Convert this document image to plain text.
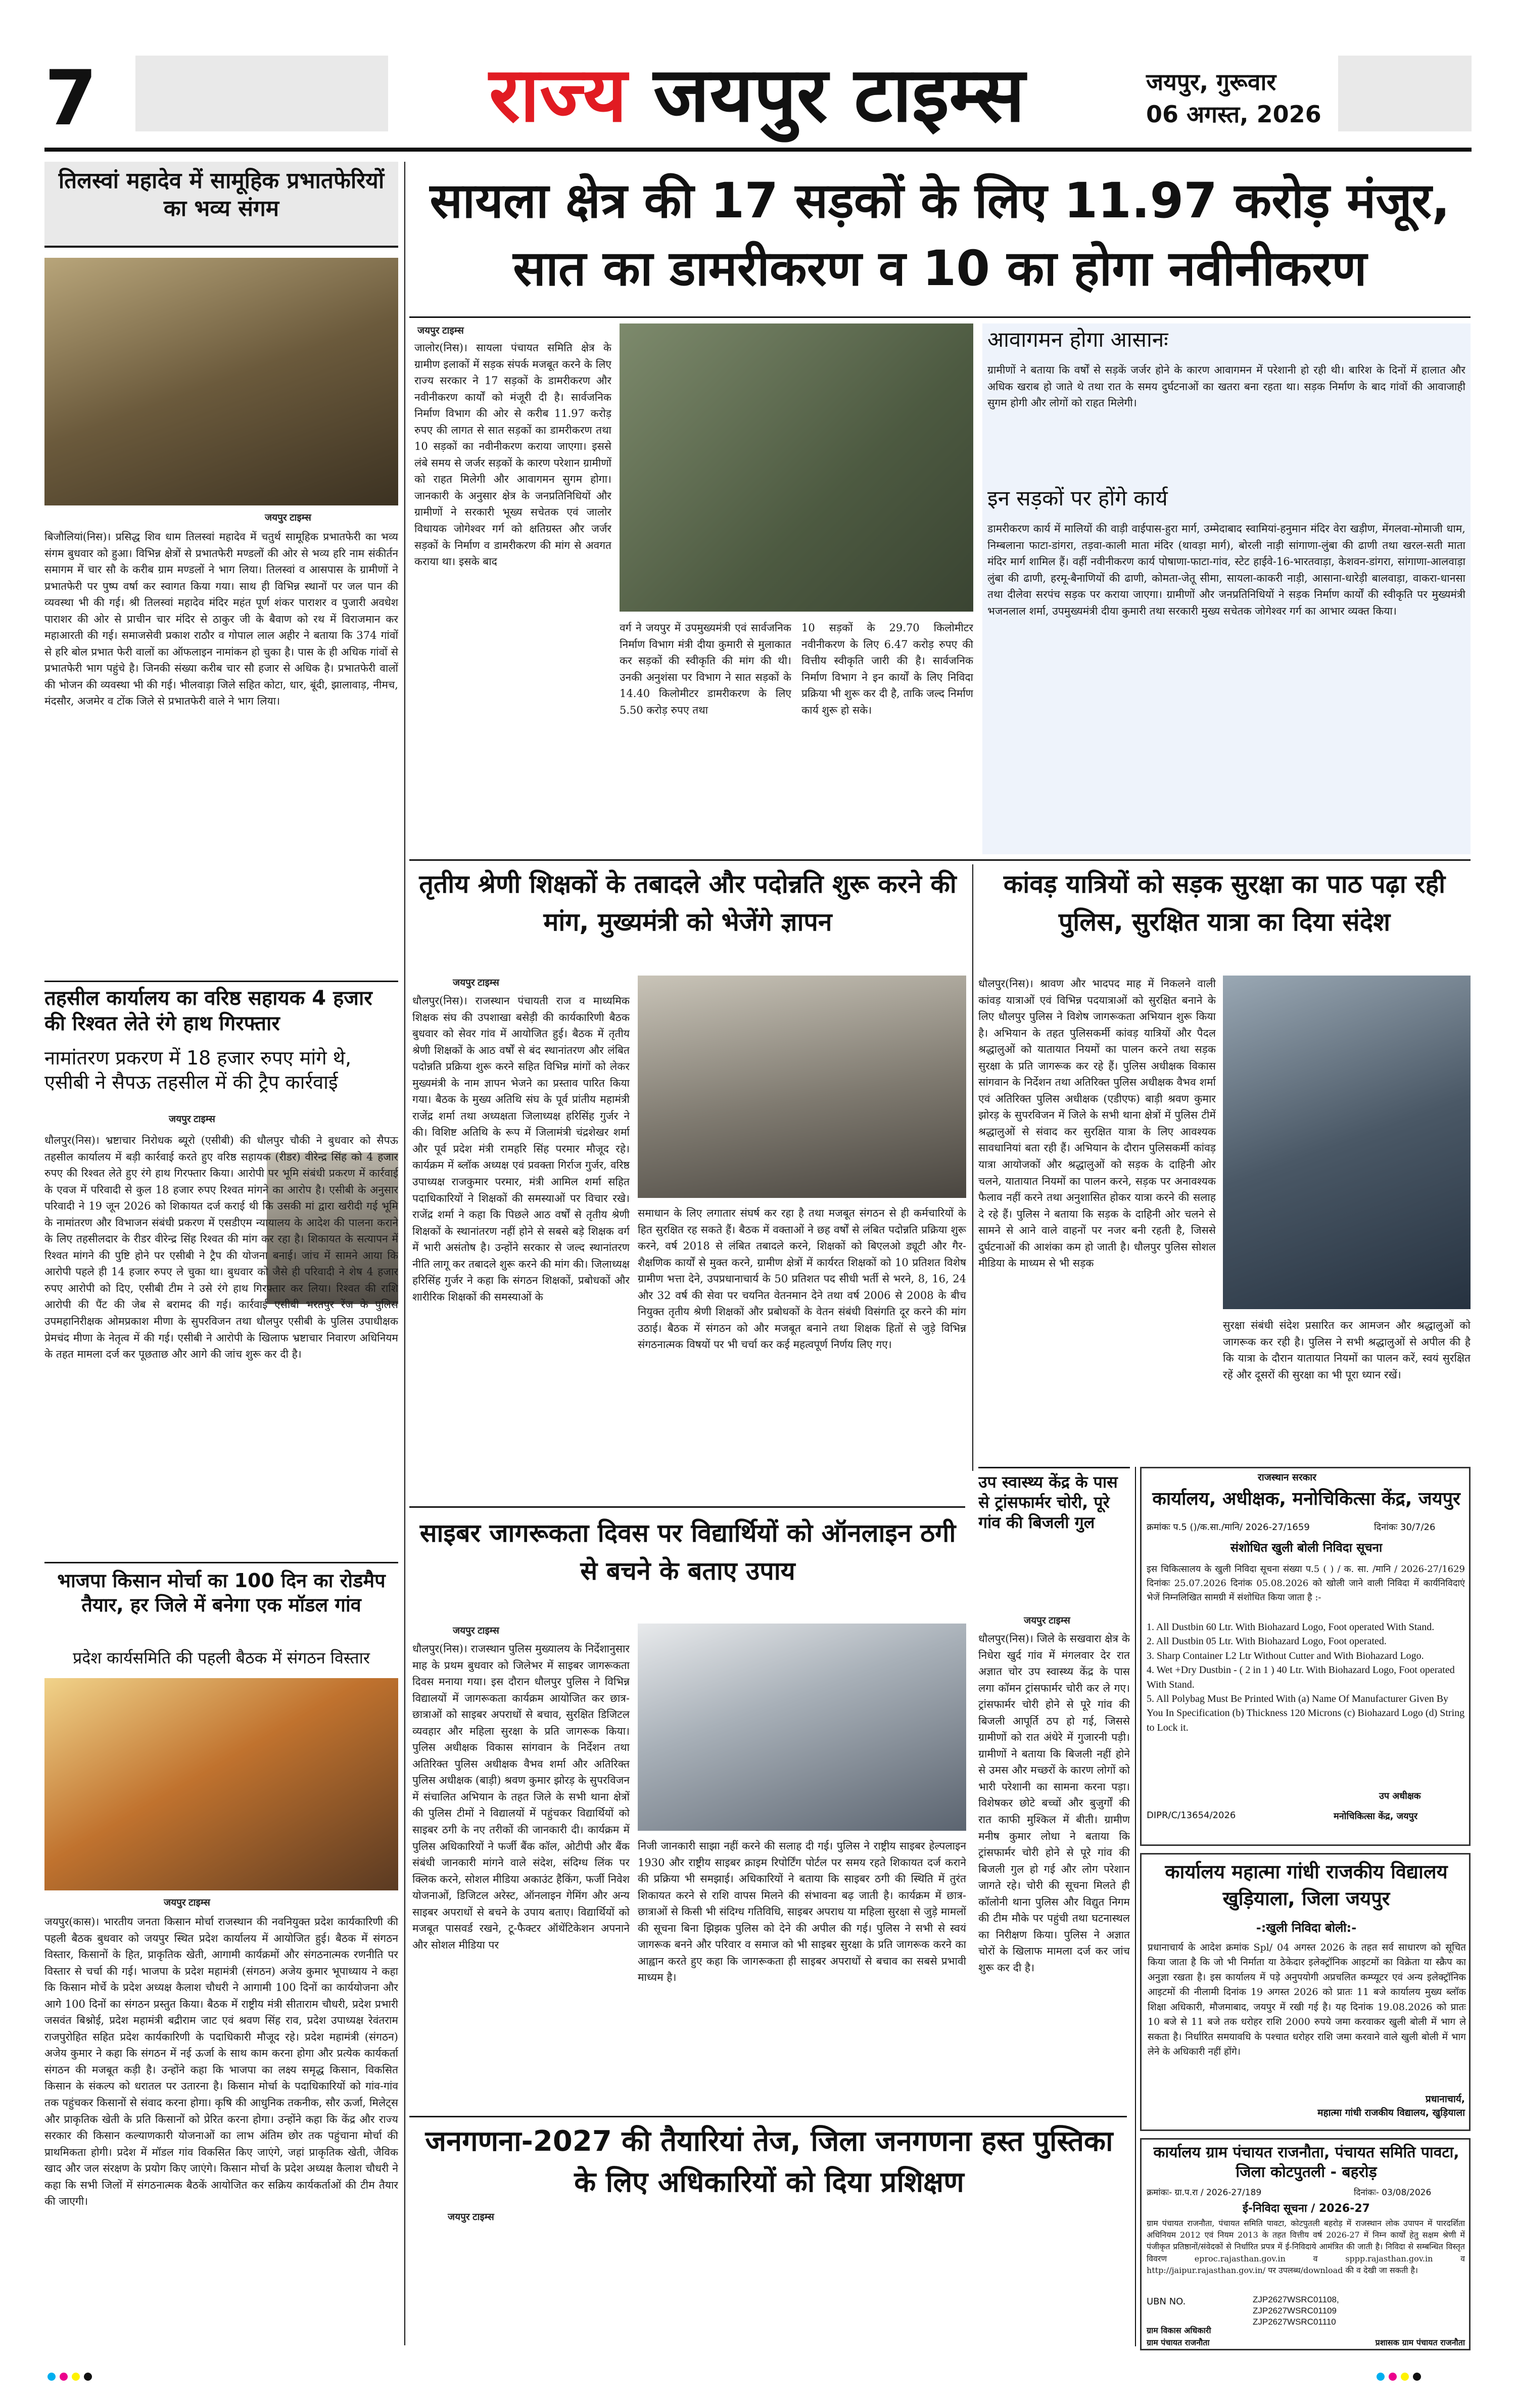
7	राज्य जयपुर टाइम्स	जयपुर, गुरूवार
06 अगस्त, 2026
तिलस्वां महादेव में सामूहिक प्रभातफेरियों का भव्य संगम
जयपुर टाइम्स
बिजौलियां(निस)। प्रसिद्ध शिव धाम तिलस्वां महादेव में चतुर्थ सामूहिक प्रभातफेरी का भव्य संगम बुधवार को हुआ। विभिन्न क्षेत्रों से प्रभातफेरी मण्डलों की ओर से भव्य हरि नाम संकीर्तन समागम में चार सौ के करीब ग्राम मण्डलों ने भाग लिया। तिलस्वां व आसपास के ग्रामीणों ने प्रभातफेरी पर पुष्प वर्षा कर स्वागत किया गया। साथ ही विभिन्न स्थानों पर जल पान की व्यवस्था भी की गई। श्री तिलस्वां महादेव मंदिर महंत पूर्ण शंकर पाराशर व पुजारी अवधेश पाराशर की ओर से प्राचीन चार मंदिर से ठाकुर जी के बैवाण को रथ में विराजमान कर महाआरती की गई। समाजसेवी प्रकाश राठौर व गोपाल लाल अहीर ने बताया कि 374 गांवों से हरि बोल प्रभात फेरी वालों का ऑफलाइन नामांकन हो चुका है। पास के ही अधिक गांवों से प्रभातफेरी भाग पहुंचे है। जिनकी संख्या करीब चार सौ हजार से अधिक है। प्रभातफेरी वालों की भोजन की व्यवस्था भी की गई। भीलवाड़ा जिले सहित कोटा, धार, बूंदी, झालावाड़, नीमच, मंदसौर, अजमेर व टोंक जिले से प्रभातफेरी वाले ने भाग लिया।
तहसील कार्यालय का वरिष्ठ सहायक 4 हजार की रिश्वत लेते रंगे हाथ गिरफ्तार
नामांतरण प्रकरण में 18 हजार रुपए मांगे थे, एसीबी ने सैपऊ तहसील में की ट्रैप कार्रवाई
जयपुर टाइम्स
धौलपुर(निस)। भ्रष्टाचार निरोधक ब्यूरो (एसीबी) की धौलपुर चौकी ने बुधवार को सैपऊ तहसील कार्यालय में बड़ी कार्रवाई करते हुए वरिष्ठ सहायक (रीडर) वीरेन्द्र सिंह को 4 हजार रुपए की रिश्वत लेते हुए रंगे हाथ गिरफ्तार किया। आरोपी पर भूमि संबंधी प्रकरण में कार्रवाई के एवज में परिवादी से कुल 18 हजार रुपए रिश्वत मांगने का आरोप है। एसीबी के अनुसार परिवादी ने 19 जून 2026 को शिकायत दर्ज कराई थी कि उसकी मां द्वारा खरीदी गई भूमि के नामांतरण और विभाजन संबंधी प्रकरण में एसडीएम न्यायालय के आदेश की पालना कराने के लिए तहसीलदार के रीडर वीरेन्द्र सिंह रिश्वत की मांग कर रहा है। शिकायत के सत्यापन में रिश्वत मांगने की पुष्टि होने पर एसीबी ने ट्रैप की योजना बनाई। जांच में सामने आया कि आरोपी पहले ही 14 हजार रुपए ले चुका था। बुधवार को जैसे ही परिवादी ने शेष 4 हजार रुपए आरोपी को दिए, एसीबी टीम ने उसे रंगे हाथ गिरफ्तार कर लिया। रिश्वत की राशि आरोपी की पैंट की जेब से बरामद की गई। कार्रवाई एसीबी भरतपुर रेंज के पुलिस उपमहानिरीक्षक ओमप्रकाश मीणा के सुपरविजन तथा धौलपुर एसीबी के पुलिस उपाधीक्षक प्रेमचंद मीणा के नेतृत्व में की गई। एसीबी ने आरोपी के खिलाफ भ्रष्टाचार निवारण अधिनियम के तहत मामला दर्ज कर पूछताछ और आगे की जांच शुरू कर दी है।
भाजपा किसान मोर्चा का 100 दिन का रोडमैप तैयार, हर जिले में बनेगा एक मॉडल गांव
प्रदेश कार्यसमिति की पहली बैठक में संगठन विस्तार
जयपुर टाइम्स
जयपुर(कास)। भारतीय जनता किसान मोर्चा राजस्थान की नवनियुक्त प्रदेश कार्यकारिणी की पहली बैठक बुधवार को जयपुर स्थित प्रदेश कार्यालय में आयोजित हुई। बैठक में संगठन विस्तार, किसानों के हित, प्राकृतिक खेती, आगामी कार्यक्रमों और संगठनात्मक रणनीति पर विस्तार से चर्चा की गई। भाजपा के प्रदेश महामंत्री (संगठन) अजेय कुमार भूपाध्याय ने कहा कि किसान मोर्चे के प्रदेश अध्यक्ष कैलाश चौधरी ने आगामी 100 दिनों का कार्ययोजना और आगे 100 दिनों का संगठन प्रस्तुत किया। बैठक में राष्ट्रीय मंत्री सीताराम चौधरी, प्रदेश प्रभारी जसवंत बिश्नोई, प्रदेश महामंत्री बद्रीराम जाट एवं श्रवण सिंह राव, प्रदेश उपाध्यक्ष रेवंतराम राजपुरोहित सहित प्रदेश कार्यकारिणी के पदाधिकारी मौजूद रहे। प्रदेश महामंत्री (संगठन) अजेय कुमार ने कहा कि संगठन में नई ऊर्जा के साथ काम करना होगा और प्रत्येक कार्यकर्ता संगठन की मजबूत कड़ी है। उन्होंने कहा कि भाजपा का लक्ष्य समृद्ध किसान, विकसित किसान के संकल्प को धरातल पर उतारना है। किसान मोर्चा के पदाधिकारियों को गांव-गांव तक पहुंचकर किसानों से संवाद करना होगा। कृषि की आधुनिक तकनीक, सौर ऊर्जा, मिलेट्स और प्राकृतिक खेती के प्रति किसानों को प्रेरित करना होगा। उन्होंने कहा कि केंद्र और राज्य सरकार की किसान कल्याणकारी योजनाओं का लाभ अंतिम छोर तक पहुंचाना मोर्चा की प्राथमिकता होगी। प्रदेश में मॉडल गांव विकसित किए जाएंगे, जहां प्राकृतिक खेती, जैविक खाद और जल संरक्षण के प्रयोग किए जाएंगे। किसान मोर्चा के प्रदेश अध्यक्ष कैलाश चौधरी ने कहा कि सभी जिलों में संगठनात्मक बैठकें आयोजित कर सक्रिय कार्यकर्ताओं की टीम तैयार की जाएगी।
सायला क्षेत्र की 17 सड़कों के लिए 11.97 करोड़ मंजूर, सात का डामरीकरण व 10 का होगा नवीनीकरण
जयपुर टाइम्स
जालोर(निस)। सायला पंचायत समिति क्षेत्र के ग्रामीण इलाकों में सड़क संपर्क मजबूत करने के लिए राज्य सरकार ने 17 सड़कों के डामरीकरण और नवीनीकरण कार्यों को मंजूरी दी है। सार्वजनिक निर्माण विभाग की ओर से करीब 11.97 करोड़ रुपए की लागत से सात सड़कों का डामरीकरण तथा 10 सड़कों का नवीनीकरण कराया जाएगा। इससे लंबे समय से जर्जर सड़कों के कारण परेशान ग्रामीणों को राहत मिलेगी और आवागमन सुगम होगा। जानकारी के अनुसार क्षेत्र के जनप्रतिनिधियों और ग्रामीणों ने सरकारी भूख्य सचेतक एवं जालोर विधायक जोगेश्वर गर्ग को क्षतिग्रस्त और जर्जर सड़कों के निर्माण व डामरीकरण की मांग से अवगत कराया था। इसके बाद
वर्ग ने जयपुर में उपमुख्यमंत्री एवं सार्वजनिक निर्माण विभाग मंत्री दीया कुमारी से मुलाकात कर सड़कों की स्वीकृति की मांग की थी। उनकी अनुशंसा पर विभाग ने सात सड़कों के 14.40 किलोमीटर डामरीकरण के लिए 5.50 करोड़ रुपए तथा
10 सड़कों के 29.70 किलोमीटर नवीनीकरण के लिए 6.47 करोड़ रुपए की वित्तीय स्वीकृति जारी की है। सार्वजनिक निर्माण विभाग ने इन कार्यों के लिए निविदा प्रक्रिया भी शुरू कर दी है, ताकि जल्द निर्माण कार्य शुरू हो सके।
आवागमन होगा आसानः
ग्रामीणों ने बताया कि वर्षों से सड़कें जर्जर होने के कारण आवागमन में परेशानी हो रही थी। बारिश के दिनों में हालात और अधिक खराब हो जाते थे तथा रात के समय दुर्घटनाओं का खतरा बना रहता था। सड़क निर्माण के बाद गांवों की आवाजाही सुगम होगी और लोगों को राहत मिलेगी।
इन सड़कों पर होंगे कार्य
डामरीकरण कार्य में मालियों की वाड़ी वाईपास-हुरा मार्ग, उम्मेदाबाद स्वामियां-हनुमान मंदिर वेरा खड़ीण, मेंगलवा-मोमाजी धाम, निम्बलाना फाटा-डांगरा, तड़वा-काली माता मंदिर (थावड़ा मार्ग), बोरली नाड़ी सांगाणा-लुंबा की ढाणी तथा खरल-सती माता मंदिर मार्ग शामिल हैं। वहीं नवीनीकरण कार्य पोषाणा-फाटा-गांव, स्टेट हाईवे-16-भारतवाड़ा, केशवन-डांगरा, सांगाणा-आलवाड़ा लुंबा की ढाणी, हरमू-बैनाणियों की ढाणी, कोमता-जेतू सीमा, सायला-काकरी नाड़ी, आसाना-धारेड़ी बालवाड़ा, वाकरा-धानसा तथा दीलेवा सरपंच सड़क पर कराया जाएगा। ग्रामीणों और जनप्रतिनिधियों ने सड़क निर्माण कार्यों की स्वीकृति पर मुख्यमंत्री भजनलाल शर्मा, उपमुख्यमंत्री दीया कुमारी तथा सरकारी मुख्य सचेतक जोगेश्वर गर्ग का आभार व्यक्त किया।
तृतीय श्रेणी शिक्षकों के तबादले और पदोन्नति शुरू करने की मांग, मुख्यमंत्री को भेजेंगे ज्ञापन
जयपुर टाइम्स
धौलपुर(निस)। राजस्थान पंचायती राज व माध्यमिक शिक्षक संघ की उपशाखा बसेड़ी की कार्यकारिणी बैठक बुधवार को सेवर गांव में आयोजित हुई। बैठक में तृतीय श्रेणी शिक्षकों के आठ वर्षों से बंद स्थानांतरण और लंबित पदोन्नति प्रक्रिया शुरू करने सहित विभिन्न मांगों को लेकर मुख्यमंत्री के नाम ज्ञापन भेजने का प्रस्ताव पारित किया गया। बैठक के मुख्य अतिथि संघ के पूर्व प्रांतीय महामंत्री राजेंद्र शर्मा तथा अध्यक्षता जिलाध्यक्ष हरिसिंह गुर्जर ने की। विशिष्ट अतिथि के रूप में जिलामंत्री चंद्रशेखर शर्मा और पूर्व प्रदेश मंत्री रामहरि सिंह परमार मौजूद रहे। कार्यक्रम में ब्लॉक अध्यक्ष एवं प्रवक्ता गिर्राज गुर्जर, वरिष्ठ उपाध्यक्ष राजकुमार परमार, मंत्री आमिल शर्मा सहित पदाधिकारियों ने शिक्षकों की समस्याओं पर विचार रखे। राजेंद्र शर्मा ने कहा कि पिछले आठ वर्षों से तृतीय श्रेणी शिक्षकों के स्थानांतरण नहीं होने से सबसे बड़े शिक्षक वर्ग में भारी असंतोष है। उन्होंने सरकार से जल्द स्थानांतरण नीति लागू कर तबादले शुरू करने की मांग की। जिलाध्यक्ष हरिसिंह गुर्जर ने कहा कि संगठन शिक्षकों, प्रबोधकों और शारीरिक शिक्षकों की समस्याओं के
समाधान के लिए लगातार संघर्ष कर रहा है तथा मजबूत संगठन से ही कर्मचारियों के हित सुरक्षित रह सकते हैं। बैठक में वक्ताओं ने छह वर्षों से लंबित पदोन्नति प्रक्रिया शुरू करने, वर्ष 2018 से लंबित तबादले करने, शिक्षकों को बिएलओ ड्यूटी और गैर-शैक्षणिक कार्यों से मुक्त करने, ग्रामीण क्षेत्रों में कार्यरत शिक्षकों को 10 प्रतिशत विशेष ग्रामीण भत्ता देने, उपप्रधानाचार्य के 50 प्रतिशत पद सीधी भर्ती से भरने, 8, 16, 24 और 32 वर्ष की सेवा पर चयनित वेतनमान देने तथा वर्ष 2006 से 2008 के बीच नियुक्त तृतीय श्रेणी शिक्षकों और प्रबोधकों के वेतन संबंधी विसंगति दूर करने की मांग उठाई। बैठक में संगठन को और मजबूत बनाने तथा शिक्षक हितों से जुड़े विभिन्न संगठनात्मक विषयों पर भी चर्चा कर कई महत्वपूर्ण निर्णय लिए गए।
कांवड़ यात्रियों को सड़क सुरक्षा का पाठ पढ़ा रही पुलिस, सुरक्षित यात्रा का दिया संदेश
धौलपुर(निस)। श्रावण और भादपद माह में निकलने वाली कांवड़ यात्राओं एवं विभिन्न पदयात्राओं को सुरक्षित बनाने के लिए धौलपुर पुलिस ने विशेष जागरूकता अभियान शुरू किया है। अभियान के तहत पुलिसकर्मी कांवड़ यात्रियों और पैदल श्रद्धालुओं को यातायात नियमों का पालन करने तथा सड़क सुरक्षा के प्रति जागरूक कर रहे हैं। पुलिस अधीक्षक विकास सांगवान के निर्देशन तथा अतिरिक्त पुलिस अधीक्षक वैभव शर्मा एवं अतिरिक्त पुलिस अधीक्षक (एडीएफ) बाड़ी श्रवण कुमार झोरड़ के सुपरविजन में जिले के सभी थाना क्षेत्रों में पुलिस टीमें श्रद्धालुओं से संवाद कर सुरक्षित यात्रा के लिए आवश्यक सावधानियां बता रही हैं। अभियान के दौरान पुलिसकर्मी कांवड़ यात्रा आयोजकों और श्रद्धालुओं को सड़क के दाहिनी ओर चलने, यातायात नियमों का पालन करने, सड़क पर अनावश्यक फैलाव नहीं करने तथा अनुशासित होकर यात्रा करने की सलाह दे रहे हैं। पुलिस ने बताया कि सड़क के दाहिनी ओर चलने से सामने से आने वाले वाहनों पर नजर बनी रहती है, जिससे दुर्घटनाओं की आशंका कम हो जाती है। धौलपुर पुलिस सोशल मीडिया के माध्यम से भी सड़क
सुरक्षा संबंधी संदेश प्रसारित कर आमजन और श्रद्धालुओं को जागरूक कर रही है। पुलिस ने सभी श्रद्धालुओं से अपील की है कि यात्रा के दौरान यातायात नियमों का पालन करें, स्वयं सुरक्षित रहें और दूसरों की सुरक्षा का भी पूरा ध्यान रखें।
साइबर जागरूकता दिवस पर विद्यार्थियों को ऑनलाइन ठगी से बचने के बताए उपाय
जयपुर टाइम्स
धौलपुर(निस)। राजस्थान पुलिस मुख्यालय के निर्देशानुसार माह के प्रथम बुधवार को जिलेभर में साइबर जागरूकता दिवस मनाया गया। इस दौरान धौलपुर पुलिस ने विभिन्न विद्यालयों में जागरूकता कार्यक्रम आयोजित कर छात्र-छात्राओं को साइबर अपराधों से बचाव, सुरक्षित डिजिटल व्यवहार और महिला सुरक्षा के प्रति जागरूक किया। पुलिस अधीक्षक विकास सांगवान के निर्देशन तथा अतिरिक्त पुलिस अधीक्षक वैभव शर्मा और अतिरिक्त पुलिस अधीक्षक (बाड़ी) श्रवण कुमार झोरड़ के सुपरविजन में संचालित अभियान के तहत जिले के सभी थाना क्षेत्रों की पुलिस टीमों ने विद्यालयों में पहुंचकर विद्यार्थियों को साइबर ठगी के नए तरीकों की जानकारी दी। कार्यक्रम में पुलिस अधिकारियों ने फर्जी बैंक कॉल, ओटीपी और बैंक संबंधी जानकारी मांगने वाले संदेश, संदिग्ध लिंक पर क्लिक करने, सोशल मीडिया अकाउंट हैकिंग, फर्जी निवेश योजनाओं, डिजिटल अरेस्ट, ऑनलाइन गेमिंग और अन्य साइबर अपराधों से बचने के उपाय बताए। विद्यार्थियों को मजबूत पासवर्ड रखने, टू-फैक्टर ऑथेंटिकेशन अपनाने और सोशल मीडिया पर
निजी जानकारी साझा नहीं करने की सलाह दी गई। पुलिस ने राष्ट्रीय साइबर हेल्पलाइन 1930 और राष्ट्रीय साइबर क्राइम रिपोर्टिंग पोर्टल पर समय रहते शिकायत दर्ज कराने की प्रक्रिया भी समझाई। अधिकारियों ने बताया कि साइबर ठगी की स्थिति में तुरंत शिकायत करने से राशि वापस मिलने की संभावना बढ़ जाती है। कार्यक्रम में छात्र-छात्राओं से किसी भी संदिग्ध गतिविधि, साइबर अपराध या महिला सुरक्षा से जुड़े मामलों की सूचना बिना झिझक पुलिस को देने की अपील की गई। पुलिस ने सभी से स्वयं जागरूक बनने और परिवार व समाज को भी साइबर सुरक्षा के प्रति जागरूक करने का आह्वान करते हुए कहा कि जागरूकता ही साइबर अपराधों से बचाव का सबसे प्रभावी माध्यम है।
उप स्वास्थ्य केंद्र के पास से ट्रांसफार्मर चोरी, पूरे गांव की बिजली गुल
जयपुर टाइम्स
धौलपुर(निस)। जिले के सखवारा क्षेत्र के निधेरा खुर्द गांव में मंगलवार देर रात अज्ञात चोर उप स्वास्थ्य केंद्र के पास लगा कॉमन ट्रांसफार्मर चोरी कर ले गए। ट्रांसफार्मर चोरी होने से पूरे गांव की बिजली आपूर्ति ठप हो गई, जिससे ग्रामीणों को रात अंधेरे में गुजारनी पड़ी। ग्रामीणों ने बताया कि बिजली नहीं होने से उमस और मच्छरों के कारण लोगों को भारी परेशानी का सामना करना पड़ा। विशेषकर छोटे बच्चों और बुजुर्गों की रात काफी मुश्किल में बीती। ग्रामीण मनीष कुमार लोधा ने बताया कि ट्रांसफार्मर चोरी होने से पूरे गांव की बिजली गुल हो गई और लोग परेशान जागते रहे। चोरी की सूचना मिलते ही कॉलोनी थाना पुलिस और विद्युत निगम की टीम मौके पर पहुंची तथा घटनास्थल का निरीक्षण किया। पुलिस ने अज्ञात चोरों के खिलाफ मामला दर्ज कर जांच शुरू कर दी है।
राजस्थान सरकार
कार्यालय, अधीक्षक, मनोचिकित्सा केंद्र, जयपुर
क्रमांकः प.5 ()/क.सा./मानि/ 2026-27/1659	दिनांकः 30/7/26
संशोधित खुली बोली निविदा सूचना
इस चिकित्सालय के खुली निविदा सूचना संख्या प.5 ( ) / क. सा. /मानि / 2026-27/1629 दिनांकः 25.07.2026 दिनांक 05.08.2026 को खोली जाने वाली निविदा में कार्यनिविदाएं भेजें निम्नलिखित सामग्री में संशोधित किया जाता है :-
1. All Dustbin 60 Ltr. With Biohazard Logo, Foot operated With Stand.
2. All Dustbin 05 Ltr. With Biohazard Logo, Foot operated.
3. Sharp Container L2 Ltr Without Cutter and With Biohazard Logo.
4. Wet +Dry Dustbin - ( 2 in 1 ) 40 Ltr. With Biohazard Logo, Foot operated With Stand.
5. All Polybag Must Be Printed With (a) Name Of Manufacturer Given By You In Specification (b) Thickness 120 Microns (c) Biohazard Logo (d) String to Lock it.
उप अधीक्षक
DIPR/C/13654/2026	मनोचिकित्सा केंद्र, जयपुर
कार्यालय महात्मा गांधी राजकीय विद्यालय खुड़ियाला, जिला जयपुर
-:खुली निविदा बोली:-
प्रधानाचार्य के आदेश क्रमांक Spl/ 04 अगस्त 2026 के तहत सर्व साधारण को सूचित किया जाता है कि जो भी निर्माता या ठेकेदार इलेक्ट्रॉनिक आइटमों का विक्रेता या स्क्रैप का अनुज्ञा रखता है। इस कार्यालय में पड़े अनुपयोगी अप्रचलित कम्प्यूटर एवं अन्य इलेक्ट्रॉनिक आइटमों की नीलामी दिनांक 19 अगस्त 2026 को प्रातः 11 बजे कार्यालय मुख्य ब्लॉक शिक्षा अधिकारी, मौजमाबाद, जयपुर में रखी गई है। यह दिनांक 19.08.2026 को प्रातः 10 बजे से 11 बजे तक धरोहर राशि 2000 रुपये जमा करवाकर खुली बोली में भाग ले सकता है। निर्धारित समयावधि के पश्चात धरोहर राशि जमा करवाने वाले खुली बोली में भाग लेने के अधिकारी नहीं होंगे।
प्रधानाचार्य,
महात्मा गांधी राजकीय विद्यालय, खुड़ियाला
कार्यालय ग्राम पंचायत राजनौता, पंचायत समिति पावटा, जिला कोटपुतली - बहरोड़
क्रमांकः- ग्रा.प.रा / 2026-27/189	दिनांकः- 03/08/2026
ई-निविदा सूचना / 2026-27
ग्राम पंचायत राजनौता, पंचायत समिति पावटा, कोटपुतली बहरोड़ में राजस्थान लोक उपापन में पारदर्शिता अधिनियम 2012 एवं नियम 2013 के तहत वित्तीय वर्ष 2026-27 में निम्न कार्यों हेतु सक्षम श्रेणी में पंजीकृत प्रतिष्ठानों/संवेदकों से निर्धारित प्रपत्र में ई-निविदाये आमंत्रित की जाती है। निविदा से सम्बन्धित विस्तृत विवरण eproc.rajasthan.gov.in व sppp.rajasthan.gov.in व http://jaipur.rajasthan.gov.in/ पर उपलब्ध/download की व देखी जा सकती है।
UBN NO.	ZJP2627WSRC01108,
ZJP2627WSRC01109
ZJP2627WSRC01110
ग्राम विकास अधिकारी
ग्राम पंचायत राजनौता	प्रशासक ग्राम पंचायत राजनौता
जनगणना-2027 की तैयारियां तेज, जिला जनगणना हस्त पुस्तिका के लिए अधिकारियों को दिया प्रशिक्षण
जयपुर टाइम्स
